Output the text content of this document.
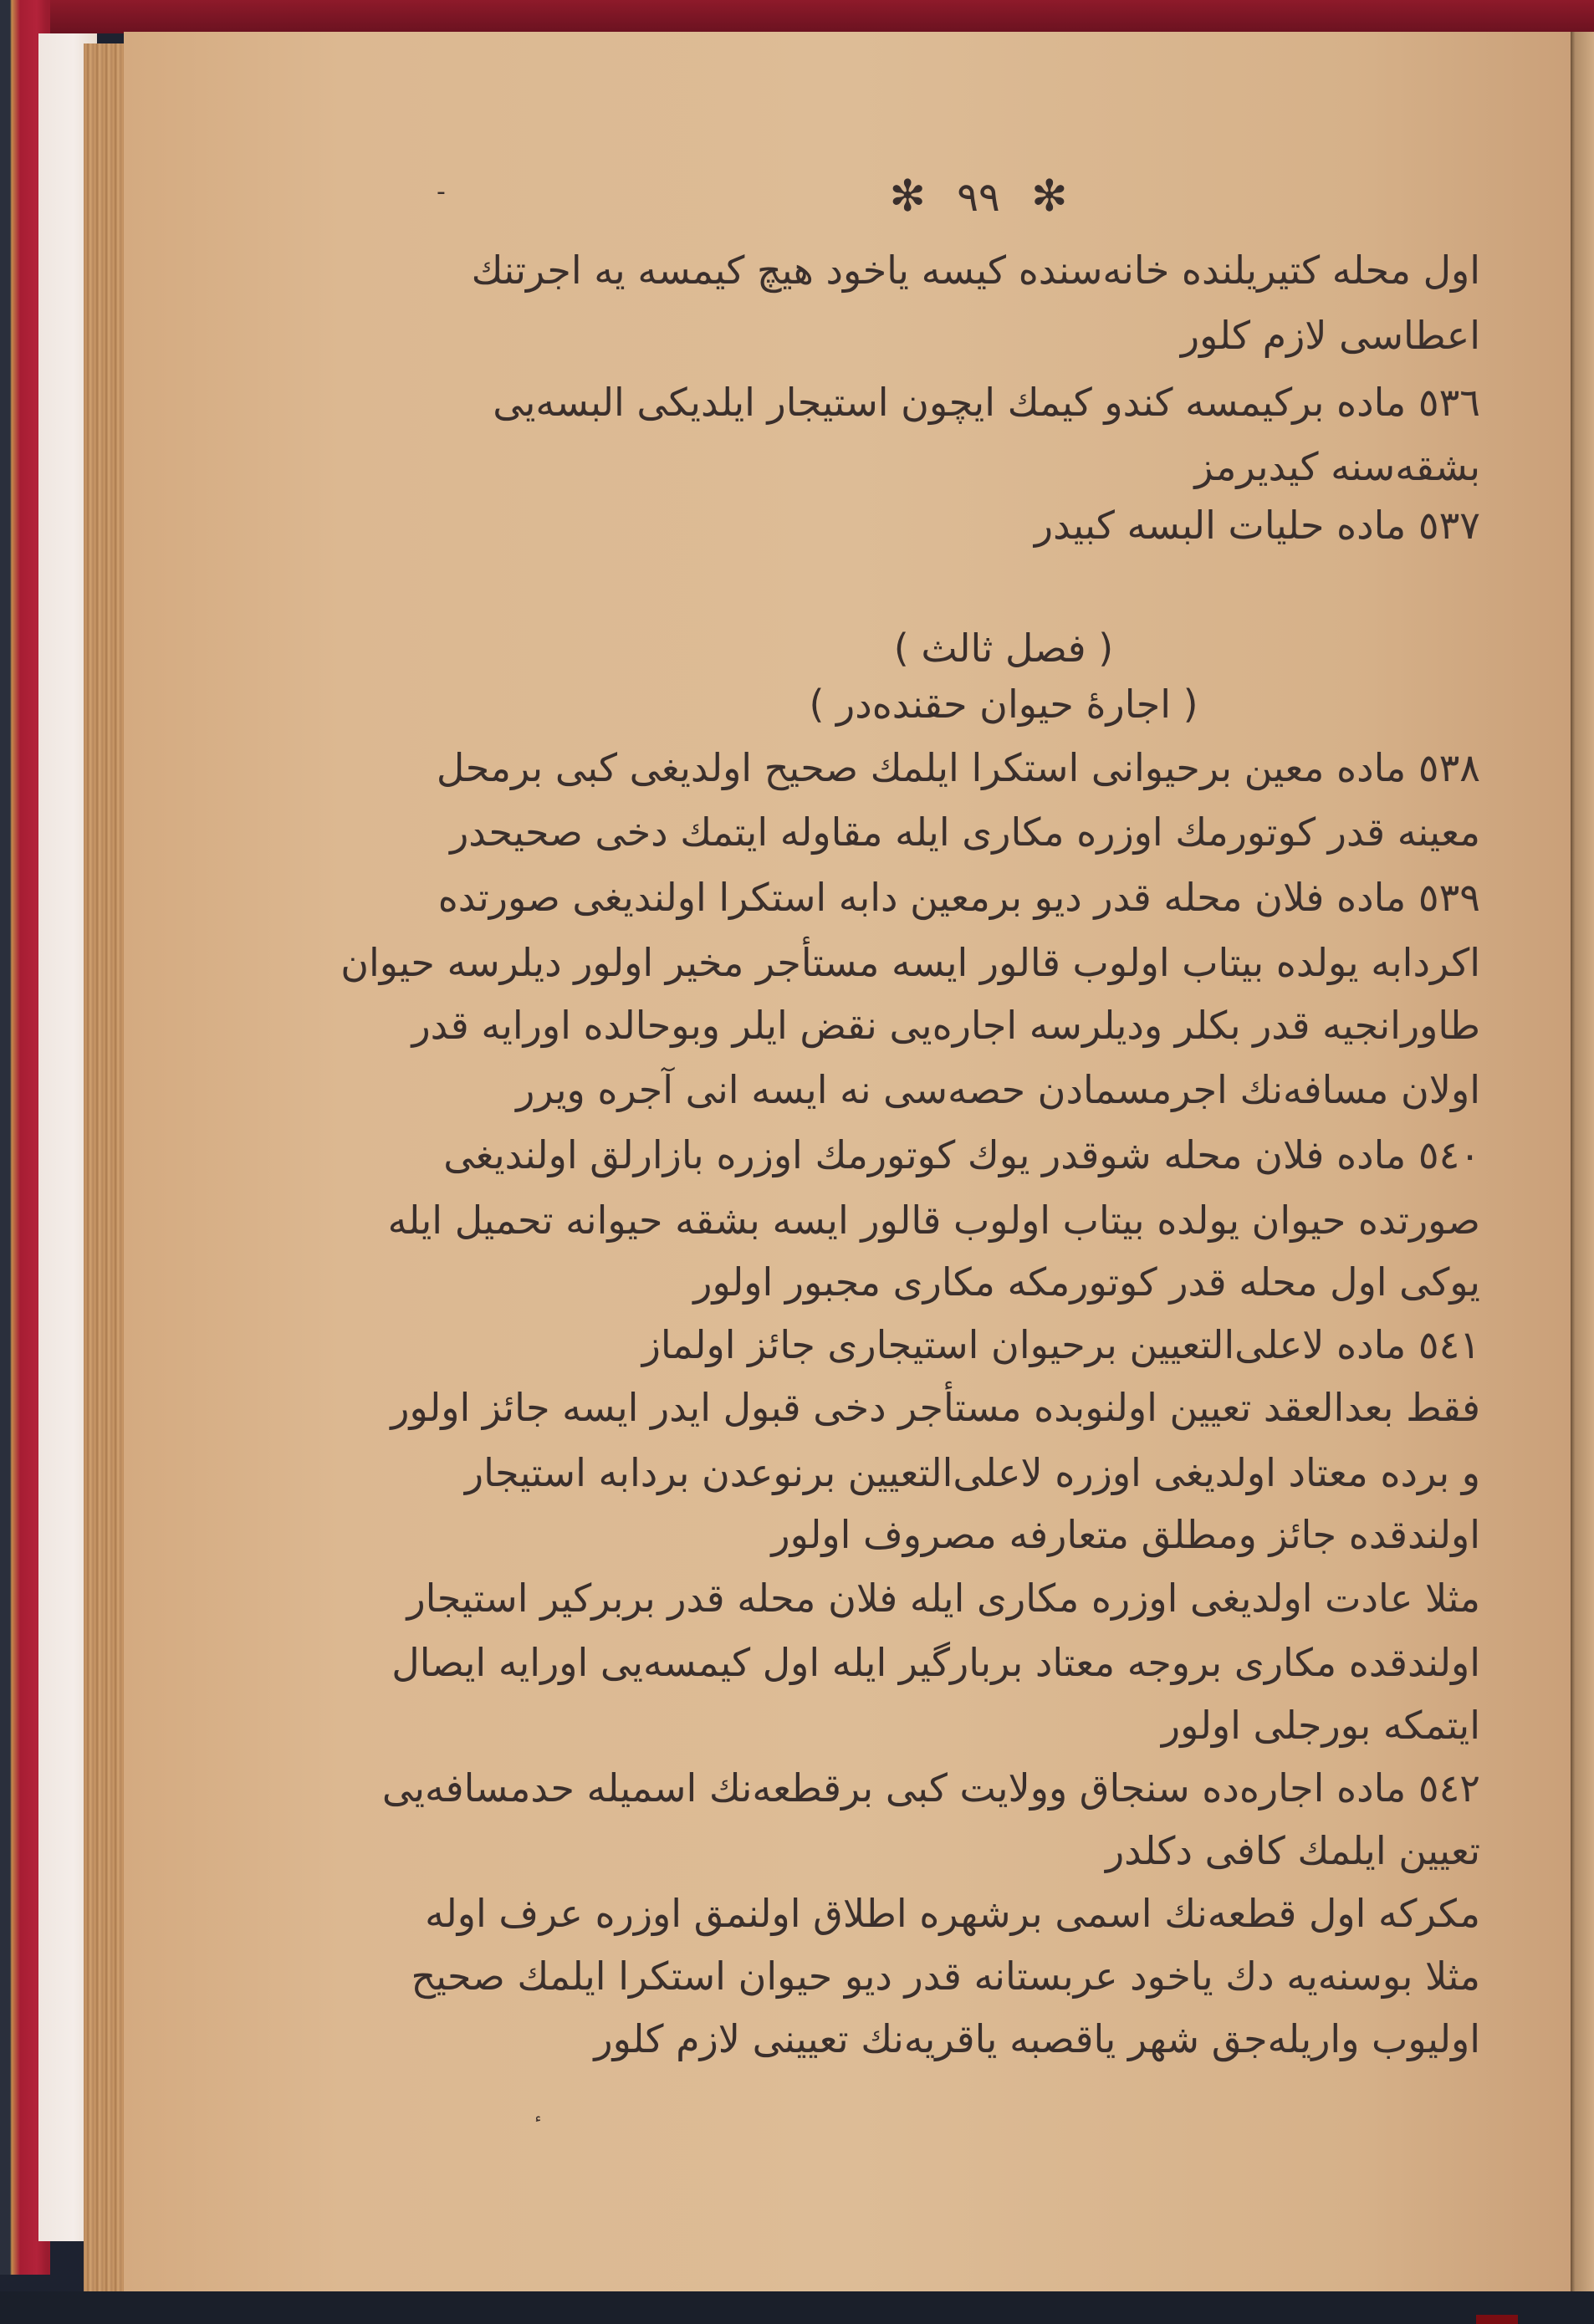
-	✻ ٩٩ ✻
اول محله كتيريلنده خانه‌سنده كيسه ياخود هيچ كيمسه يه اجرتنك
اعطاسى لازم كلور
٥٣٦ ماده بركيمسه كندو كيمك ايچون استيجار ايلديكى البسه‌يى
بشقه‌سنه كيديرمز
٥٣٧ ماده حليات البسه كبيدر
( فصل ثالث )
( اجارهٔ حيوان حقنده‌در )
٥٣٨ ماده معين برحيوانى استكرا ايلمك صحيح اولديغى كبى برمحل
معينه قدر كوتورمك اوزره مكارى ايله مقاوله ايتمك دخى صحيحدر
٥٣٩ ماده فلان محله قدر ديو برمعين دابه استكرا اولنديغى صورتده
اكردابه يولده بيتاب اولوب قالور ايسه مستأجر مخير اولور ديلرسه حيوان
طاورانجيه قدر بكلر وديلرسه اجاره‌يى نقض ايلر وبوحالده اورايه قدر
اولان مسافه‌نك اجرمسمادن حصه‌سى نه ايسه انى آجره ويرر
٥٤٠ ماده فلان محله شوقدر يوك كوتورمك اوزره بازارلق اولنديغى
صورتده حيوان يولده بيتاب اولوب قالور ايسه بشقه حيوانه تحميل ايله
يوكى اول محله قدر كوتورمكه مكارى مجبور اولور
٥٤١ ماده لاعلى‌التعيين برحيوان استيجارى جائز اولماز
فقط بعدالعقد تعيين اولنوبده مستأجر دخى قبول ايدر ايسه جائز اولور
و برده معتاد اولديغى اوزره لاعلى‌التعيين برنوعدن بردابه استيجار
اولندقده جائز ومطلق متعارفه مصروف اولور
مثلا عادت اولديغى اوزره مكارى ايله فلان محله قدر بربركير استيجار
اولندقده مكارى بروجه معتاد بربارگير ايله اول كيمسه‌يى اورايه ايصال
ايتمكه بورجلى اولور
٥٤٢ ماده اجاره‌ده سنجاق وولايت كبى برقطعه‌نك اسميله حدمسافه‌يى
تعيين ايلمك كافى دكلدر
مكركه اول قطعه‌نك اسمى برشهره اطلاق اولنمق اوزره عرف اوله
مثلا بوسنه‌يه دك ياخود عربستانه قدر ديو حيوان استكرا ايلمك صحيح
اوليوب واريله‌جق شهر ياقصبه ياقريه‌نك تعيينى لازم كلور
